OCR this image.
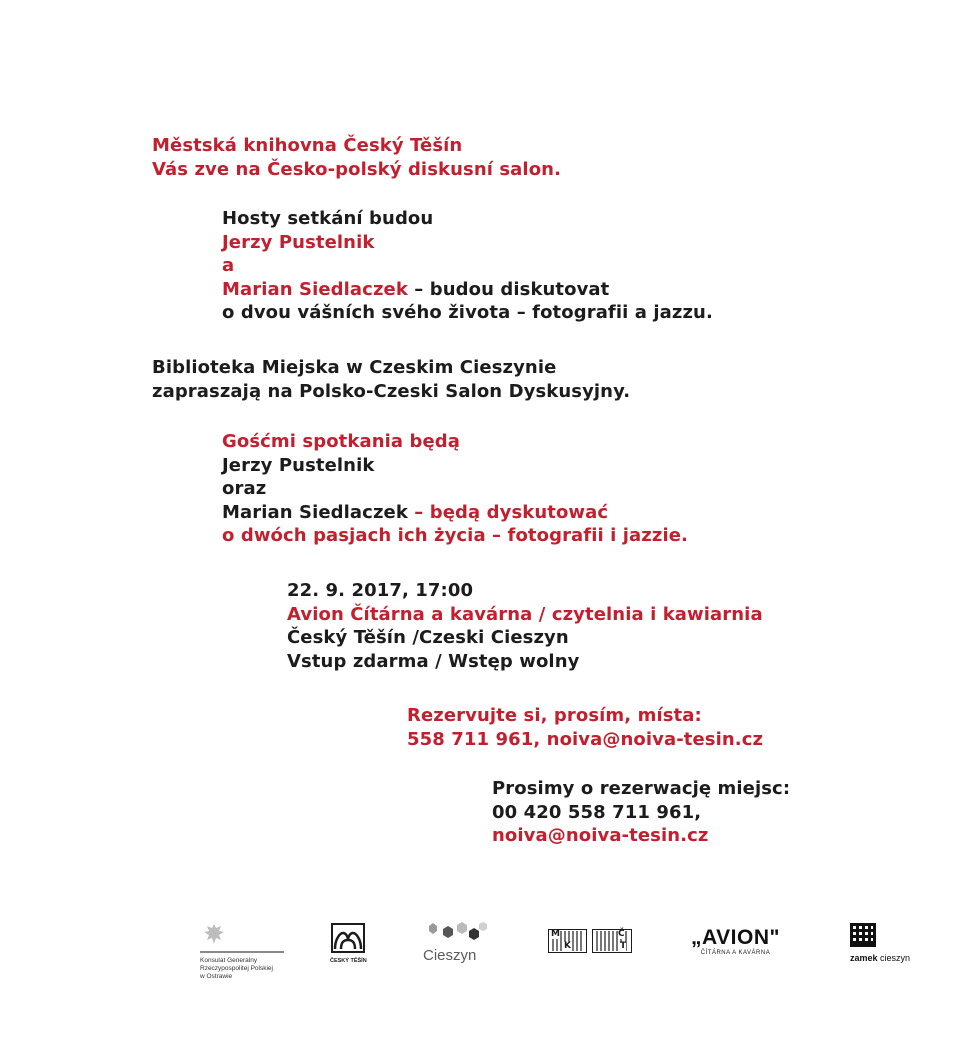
Městská knihovna Český Těšín
Vás zve na Česko-polský diskusní salon.
Hosty setkání budou
Jerzy Pustelnik
a
Marian Siedlaczek – budou diskutovat
o dvou vášních svého života – fotografii a jazzu.
Biblioteka Miejska w Czeskim Cieszynie
zapraszają na Polsko-Czeski Salon Dyskusyjny.
Gośćmi spotkania będą
Jerzy Pustelnik
oraz
Marian Siedlaczek – będą dyskutować
o dwóch pasjach ich życia – fotografii i jazzie.
22. 9. 2017, 17:00
Avion Čítárna a kavárna / czytelnia i kawiarnia
Český Těšín /Czeski Cieszyn
Vstup zdarma / Wstęp wolny
Rezervujte si, prosím, místa:
558 711 961, noiva@noiva-tesin.cz
Prosimy o rezerwację miejsc:
00 420 558 711 961,
noiva@noiva-tesin.cz
Konsulat Generalny
Rzeczypospolitej Polskiej
w Ostrawie
ČESKÝ TĚŠÍN	Cieszyn
M
K
Č
T	„AVION"
ČÍTÁRNA A KAVÁRNA	zamek cieszyn
